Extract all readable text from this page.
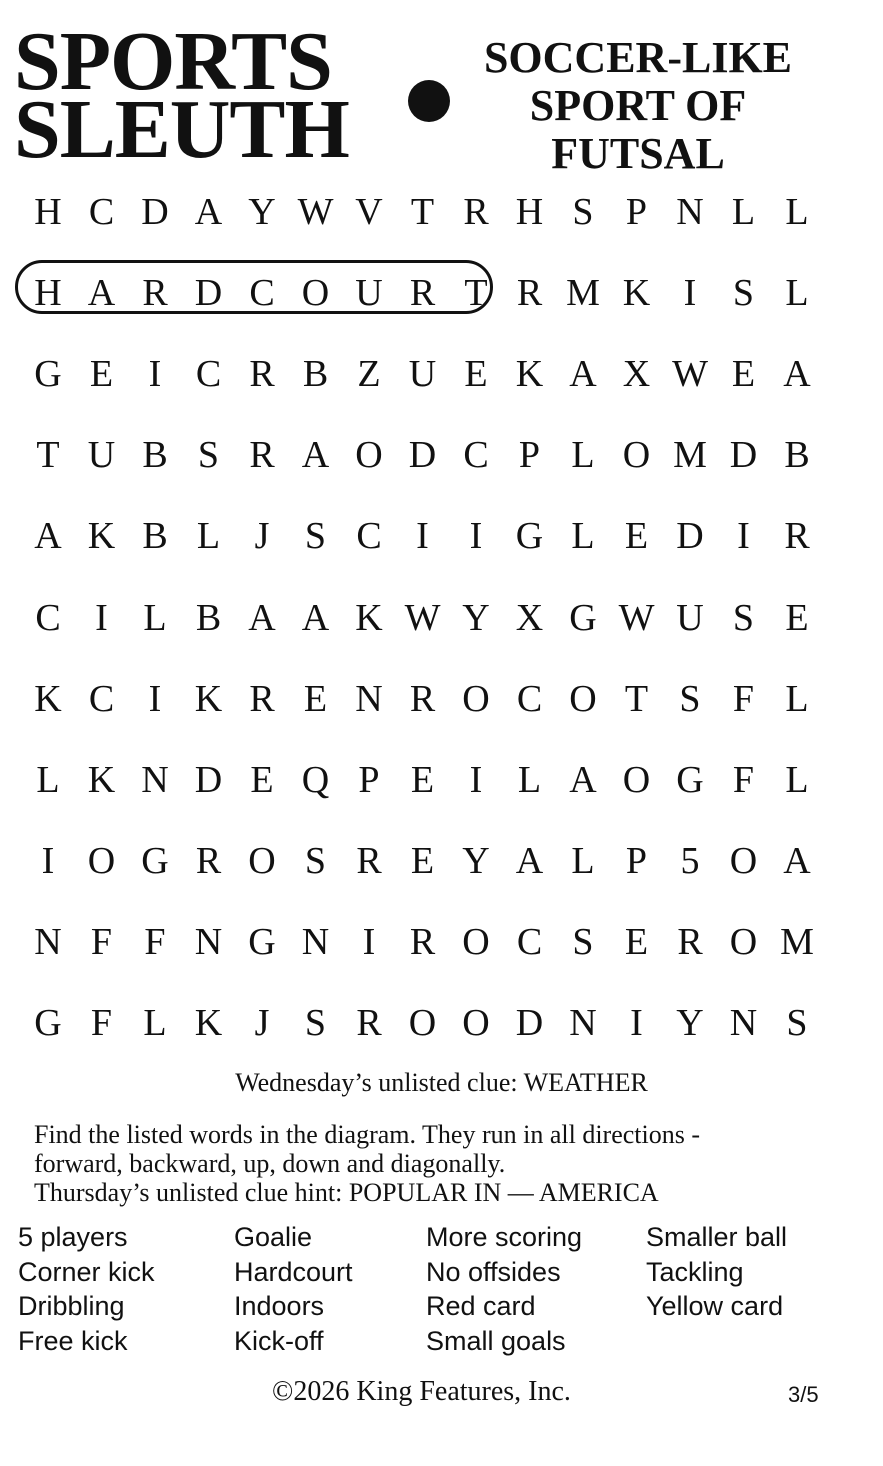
SPORTS
SLEUTH
SOCCER-LIKE
SPORT OF
FUTSAL
H C D A Y W V T R H S P N L L
H A R D C O U R T R M K I S L
G E I C R B Z U E K A X W E A
T U B S R A O D C P L O M D B
A K B L J S C I	I G L E D I R
C I L B A A K W Y X G W U S E
K C I K R E N R O C O T S F L
L K N D E Q P E I L A O G F L
I O G R O S R E Y A L P 5 O A
N F F N G N I R O C S E R O M
G F L K J S R O O D N I Y N S
Wednesday’s unlisted clue: WEATHER
Find the listed words in the diagram. They run in all directions -
forward, backward, up, down and diagonally.
Thursday’s unlisted clue hint: POPULAR IN — AMERICA
5 players
Corner kick
Dribbling
Free kick
Goalie
Hardcourt
Indoors
Kick-off
More scoring
No offsides
Red card
Small goals
Smaller ball
Tackling
Yellow card
©2026 King Features, Inc.	3/5
